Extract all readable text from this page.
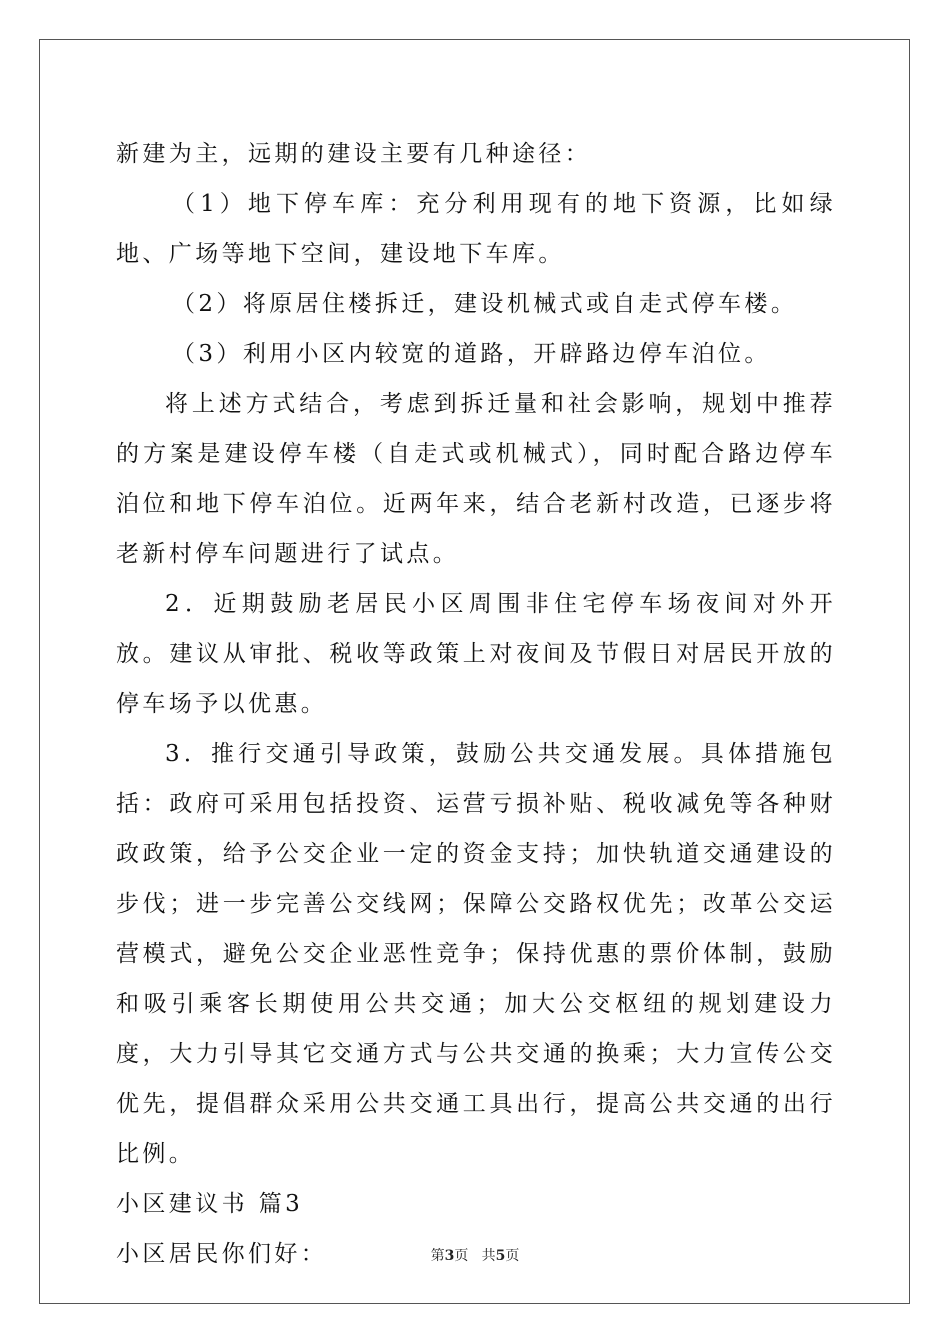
新建为主，远期的建设主要有几种途径：

（1）地下停车库：充分利用现有的地下资源，比如绿地、广场等地下空间，建设地下车库。

（2）将原居住楼拆迁，建设机械式或自走式停车楼。

（3）利用小区内较宽的道路，开辟路边停车泊位。

将上述方式结合，考虑到拆迁量和社会影响，规划中推荐的方案是建设停车楼（自走式或机械式），同时配合路边停车泊位和地下停车泊位。近两年来，结合老新村改造，已逐步将老新村停车问题进行了试点。

2．近期鼓励老居民小区周围非住宅停车场夜间对外开放。建议从审批、税收等政策上对夜间及节假日对居民开放的停车场予以优惠。

3．推行交通引导政策，鼓励公共交通发展。具体措施包括：政府可采用包括投资、运营亏损补贴、税收减免等各种财政政策，给予公交企业一定的资金支持；加快轨道交通建设的步伐；进一步完善公交线网；保障公交路权优先；改革公交运营模式，避免公交企业恶性竞争；保持优惠的票价体制，鼓励和吸引乘客长期使用公共交通；加大公交枢纽的规划建设力度，大力引导其它交通方式与公共交通的换乘；大力宣传公交优先，提倡群众采用公共交通工具出行，提高公共交通的出行比例。

小区建议书 篇3

小区居民你们好：	第3页 共5页
